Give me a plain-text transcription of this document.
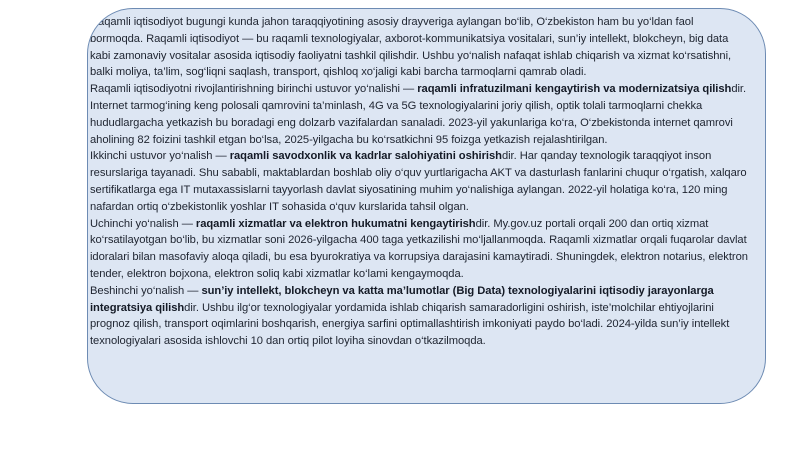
Raqamli iqtisodiyot bugungi kunda jahon taraqqiyotining asosiy drayveriga aylangan bo‘lib, O‘zbekiston ham bu yo‘ldan faol bormoqda. Raqamli iqtisodiyot — bu raqamli texnologiyalar, axborot-kommunikatsiya vositalari, sun’iy intellekt, blokcheyn, big data kabi zamonaviy vositalar asosida iqtisodiy faoliyatni tashkil qilishdir. Ushbu yo‘nalish nafaqat ishlab chiqarish va xizmat ko‘rsatishni, balki moliya, ta’lim, sog‘liqni saqlash, transport, qishloq xo‘jaligi kabi barcha tarmoqlarni qamrab oladi.

Raqamli iqtisodiyotni rivojlantirishning birinchi ustuvor yo‘nalishi — raqamli infratuzilmani kengaytirish va modernizatsiya qilishdir. Internet tarmog‘ining keng polosali qamrovini ta’minlash, 4G va 5G texnologiyalarini joriy qilish, optik tolali tarmoqlarni chekka hududlargacha yetkazish bu boradagi eng dolzarb vazifalardan sanaladi. 2023-yil yakunlariga ko‘ra, O‘zbekistonda internet qamrovi aholining 82 foizini tashkil etgan bo‘lsa, 2025-yilgacha bu ko‘rsatkichni 95 foizga yetkazish rejalashtirilgan.

Ikkinchi ustuvor yo‘nalish — raqamli savodxonlik va kadrlar salohiyatini oshirishdir. Har qanday texnologik taraqqiyot inson resurslariga tayanadi. Shu sababli, maktablardan boshlab oliy o‘quv yurtlarigacha AKT va dasturlash fanlarini chuqur o‘rgatish, xalqaro sertifikatlarga ega IT mutaxassislarni tayyorlash davlat siyosatining muhim yo‘nalishiga aylangan. 2022-yil holatiga ko‘ra, 120 ming nafardan ortiq o‘zbekistonlik yoshlar IT sohasida o‘quv kurslarida tahsil olgan.

Uchinchi yo‘nalish — raqamli xizmatlar va elektron hukumatni kengaytirishdir. My.gov.uz portali orqali 200 dan ortiq xizmat ko‘rsatilayotgan bo‘lib, bu xizmatlar soni 2026-yilgacha 400 taga yetkazilishi mo‘ljallanmoqda. Raqamli xizmatlar orqali fuqarolar davlat idoralari bilan masofaviy aloqa qiladi, bu esa byurokratiya va korrupsiya darajasini kamaytiradi. Shuningdek, elektron notarius, elektron tender, elektron bojxona, elektron soliq kabi xizmatlar ko‘lami kengaymoqda.

Beshinchi yo‘nalish — sun’iy intellekt, blokcheyn va katta ma’lumotlar (Big Data) texnologiyalarini iqtisodiy jarayonlarga integratsiya qilishdir. Ushbu ilg‘or texnologiyalar yordamida ishlab chiqarish samaradorligini oshirish, iste’molchilar ehtiyojlarini prognoz qilish, transport oqimlarini boshqarish, energiya sarfini optimallashtirish imkoniyati paydo bo‘ladi. 2024-yilda sun’iy intellekt texnologiyalari asosida ishlovchi 10 dan ortiq pilot loyiha sinovdan o‘tkazilmoqda.
